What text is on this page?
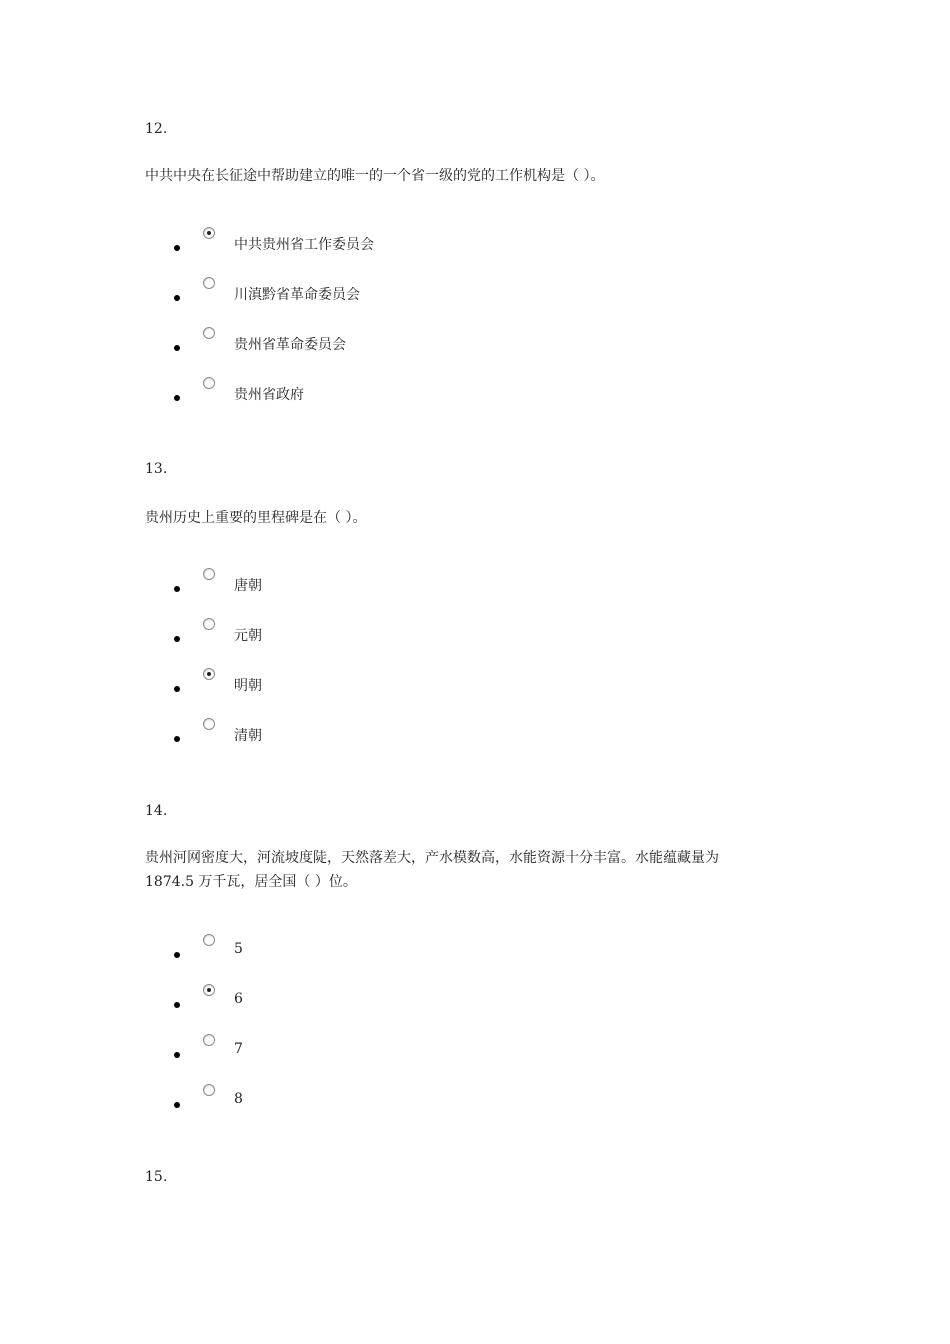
12.
中共中央在长征途中帮助建立的唯一的一个省一级的党的工作机构是（ ）。
中共贵州省工作委员会
川滇黔省革命委员会
贵州省革命委员会
贵州省政府
13.
贵州历史上重要的里程碑是在（ ）。
唐朝
元朝
明朝
清朝
14.
贵州河网密度大，河流坡度陡，天然落差大，产水模数高，水能资源十分丰富。水能蕴藏量为
1874.5 万千瓦，居全国（ ）位。
5
6
7
8
15.
